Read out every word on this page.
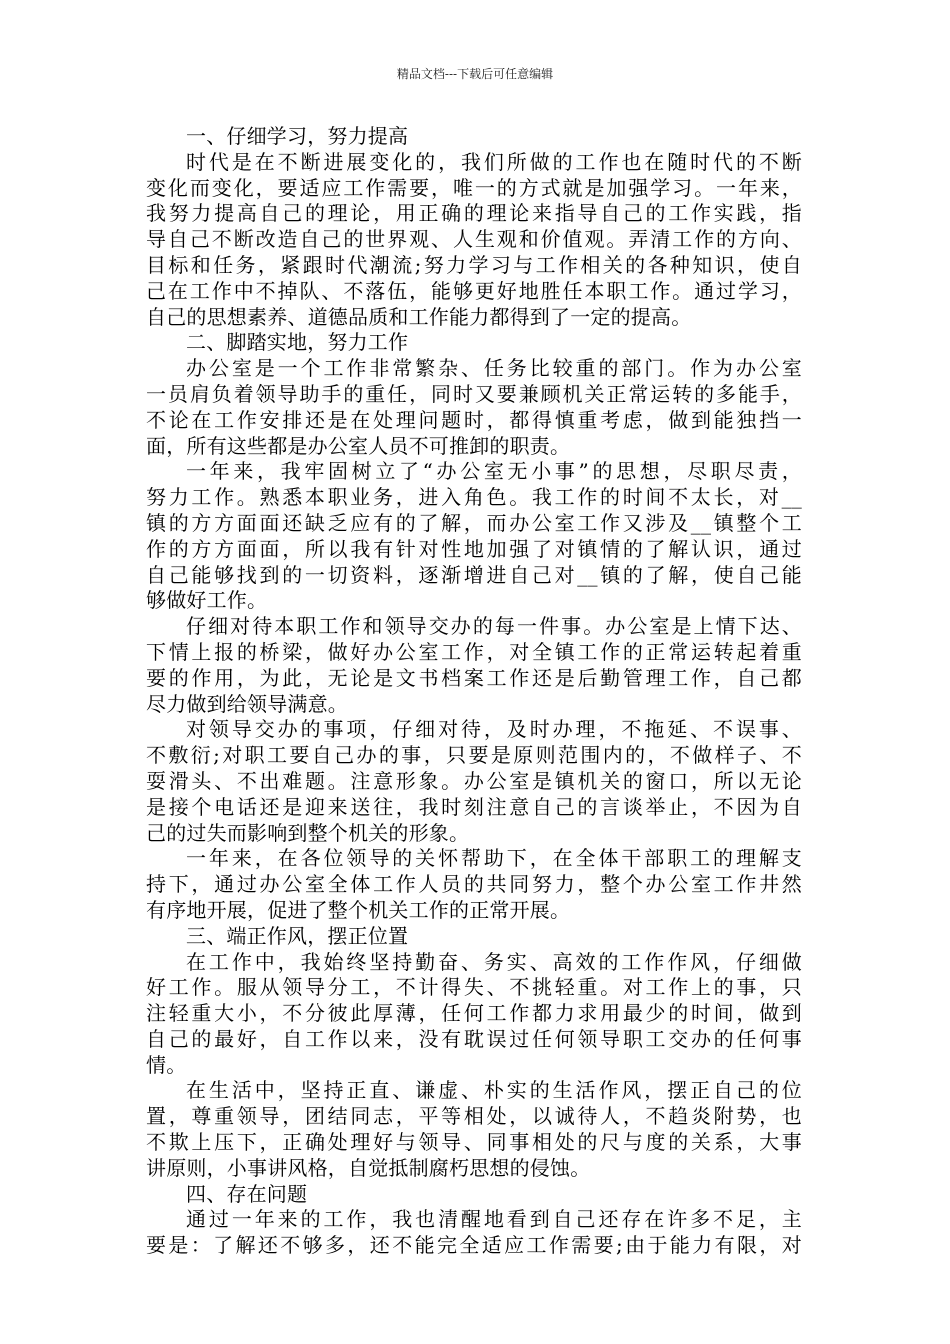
精品文档---下载后可任意编辑
一、仔细学习，努力提高
时代是在不断进展变化的，我们所做的工作也在随时代的不断
变化而变化，要适应工作需要，唯一的方式就是加强学习。一年来，
我努力提高自己的理论，用正确的理论来指导自己的工作实践，指
导自己不断改造自己的世界观、人生观和价值观。弄清工作的方向、
目标和任务，紧跟时代潮流;努力学习与工作相关的各种知识，使自
己在工作中不掉队、不落伍，能够更好地胜任本职工作。通过学习，
自己的思想素养、道德品质和工作能力都得到了一定的提高。
二、脚踏实地，努力工作
办公室是一个工作非常繁杂、任务比较重的部门。作为办公室
一员肩负着领导助手的重任，同时又要兼顾机关正常运转的多能手，
不论在工作安排还是在处理问题时，都得慎重考虑，做到能独挡一
面，所有这些都是办公室人员不可推卸的职责。
一年来，我牢固树立了“办公室无小事”的思想，尽职尽责，
努力工作。熟悉本职业务，进入角色。我工作的时间不太长，对__
镇的方方面面还缺乏应有的了解，而办公室工作又涉及__镇整个工
作的方方面面，所以我有针对性地加强了对镇情的了解认识，通过
自己能够找到的一切资料，逐渐增进自己对__镇的了解，使自己能
够做好工作。
仔细对待本职工作和领导交办的每一件事。办公室是上情下达、
下情上报的桥梁，做好办公室工作，对全镇工作的正常运转起着重
要的作用，为此，无论是文书档案工作还是后勤管理工作，自己都
尽力做到给领导满意。
对领导交办的事项，仔细对待，及时办理，不拖延、不误事、
不敷衍;对职工要自己办的事，只要是原则范围内的，不做样子、不
耍滑头、不出难题。注意形象。办公室是镇机关的窗口，所以无论
是接个电话还是迎来送往，我时刻注意自己的言谈举止，不因为自
己的过失而影响到整个机关的形象。
一年来，在各位领导的关怀帮助下，在全体干部职工的理解支
持下，通过办公室全体工作人员的共同努力，整个办公室工作井然
有序地开展，促进了整个机关工作的正常开展。
三、端正作风，摆正位置
在工作中，我始终坚持勤奋、务实、高效的工作作风，仔细做
好工作。服从领导分工，不计得失、不挑轻重。对工作上的事，只
注轻重大小，不分彼此厚薄，任何工作都力求用最少的时间，做到
自己的最好，自工作以来，没有耽误过任何领导职工交办的任何事
情。
在生活中，坚持正直、谦虚、朴实的生活作风，摆正自己的位
置，尊重领导，团结同志，平等相处，以诚待人，不趋炎附势，也
不欺上压下，正确处理好与领导、同事相处的尺与度的关系，大事
讲原则，小事讲风格，自觉抵制腐朽思想的侵蚀。
四、存在问题
通过一年来的工作，我也清醒地看到自己还存在许多不足，主
要是：了解还不够多，还不能完全适应工作需要;由于能力有限，对
